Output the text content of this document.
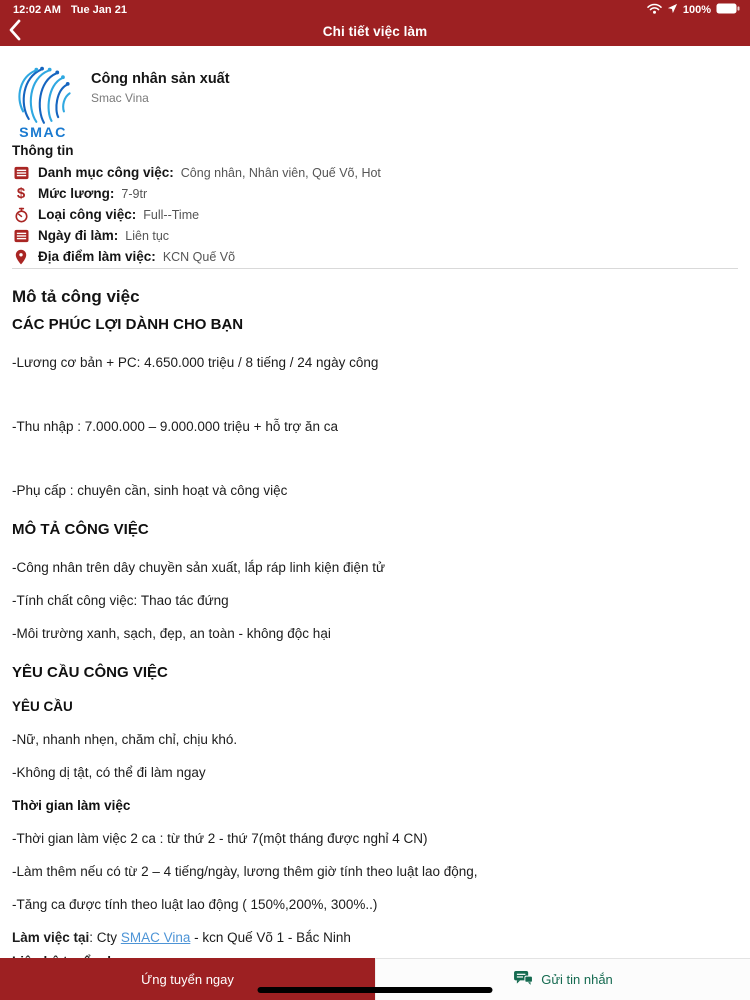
12:02 AM Tue Jan 21	100%
Chi tiết việc làm
SMAC
Công nhân sản xuất
Smac Vina
Thông tin
Danh mục công việc: Công nhân, Nhân viên, Quế Võ, Hot
$ Mức lương: 7-9tr
Loại công việc: Full--Time
Ngày đi làm: Liên tục
Địa điểm làm việc: KCN Quế Võ
Mô tả công việc
CÁC PHÚC LỢI DÀNH CHO BẠN

-Lương cơ bản + PC: 4.650.000 triệu / 8 tiếng / 24 ngày công

-Thu nhập : 7.000.000 – 9.000.000 triệu + hỗ trợ ăn ca

-Phụ cấp : chuyên cần, sinh hoạt và công việc

MÔ TẢ CÔNG VIỆC

-Công nhân trên dây chuyền sản xuất, lắp ráp linh kiện điện tử

-Tính chất công việc: Thao tác đứng

-Môi trường xanh, sạch, đẹp, an toàn - không độc hại

YÊU CẦU CÔNG VIỆC
YÊU CẦU

-Nữ, nhanh nhẹn, chăm chỉ, chịu khó.

-Không dị tật, có thể đi làm ngay

Thời gian làm việc

-Thời gian làm việc 2 ca : từ thứ 2 - thứ 7(một tháng được nghỉ 4 CN)

-Làm thêm nếu có từ 2 – 4 tiếng/ngày, lương thêm giờ tính theo luật lao động,

-Tăng ca được tính theo luật lao động ( 150%,200%, 300%..)

Làm việc tại: Cty SMAC Vina - kcn Quế Võ 1 - Bắc Ninh

Ứng tuyển ngay	Gửi tin nhắn
